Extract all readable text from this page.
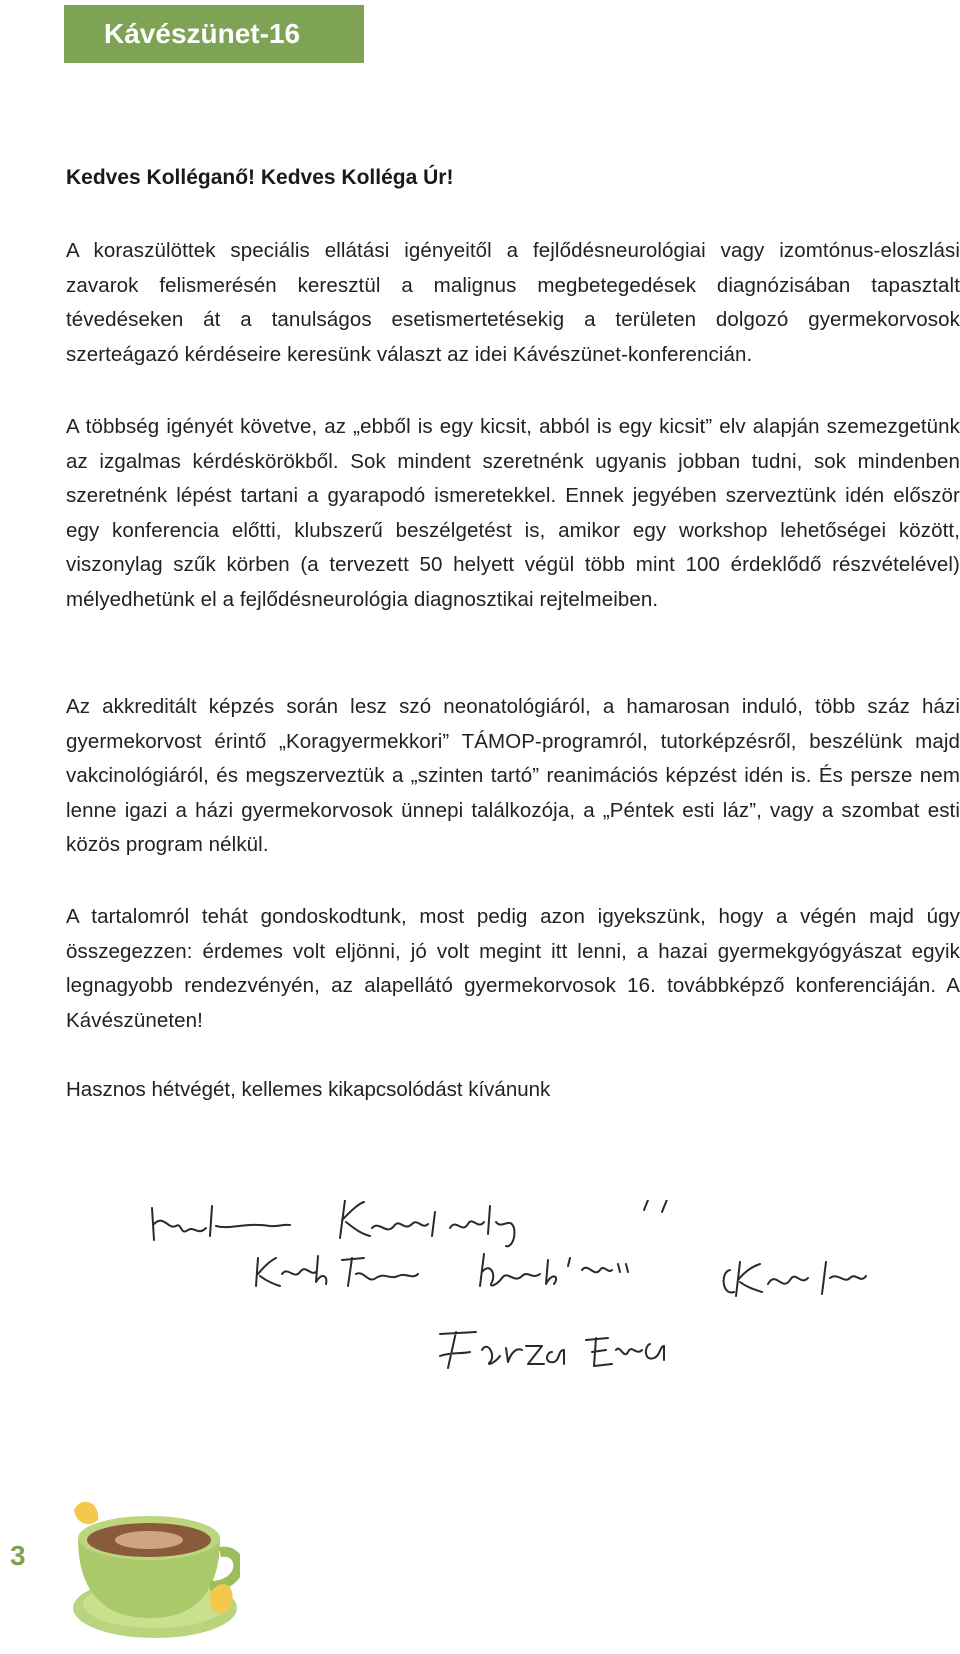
Kávészünet-16
Kedves Kolléganő! Kedves Kolléga Úr!

A koraszülöttek speciális ellátási igényeitől a fejlődésneurológiai vagy izomtónus-eloszlási zavarok felismerésén keresztül a malignus megbetegedések diagnózisában tapasztalt tévedéseken át a tanulságos esetismertetésekig a területen dolgozó gyermekorvosok szerteágazó kérdéseire keresünk választ az idei Kávészünet-konferencián.

A többség igényét követve, az „ebből is egy kicsit, abból is egy kicsit” elv alapján szemezgetünk az izgalmas kérdéskörökből. Sok mindent szeretnénk ugyanis jobban tudni, sok mindenben szeretnénk lépést tartani a gyarapodó ismeretekkel. Ennek jegyében szerveztünk idén először egy konferencia előtti, klubszerű beszélgetést is, amikor egy workshop lehetőségei között, viszonylag szűk körben (a tervezett 50 helyett végül több mint 100 érdeklődő részvételével) mélyedhetünk el a fejlődésneurológia diagnosztikai rejtelmeiben.

Az akkreditált képzés során lesz szó neonatológiáról, a hamarosan induló, több száz házi gyermekorvost érintő „Koragyermekkori” TÁMOP-programról, tutorképzésről, beszélünk majd vakcinológiáról, és megszerveztük a „szinten tartó” reanimációs képzést idén is. És persze nem lenne igazi a házi gyermekorvosok ünnepi találkozója, a „Péntek esti láz”, vagy a szombat esti közös program nélkül.

A tartalomról tehát gondoskodtunk, most pedig azon igyekszünk, hogy a végén majd úgy összegezzen: érdemes volt eljönni, jó volt megint itt lenni, a hazai gyermekgyógyászat egyik legnagyobb rendezvényén, az alapellátó gyermekorvosok 16. továbbképző konferenciáján. A Kávészüneten!

Hasznos hétvégét, kellemes kikapcsolódást kívánunk
3
